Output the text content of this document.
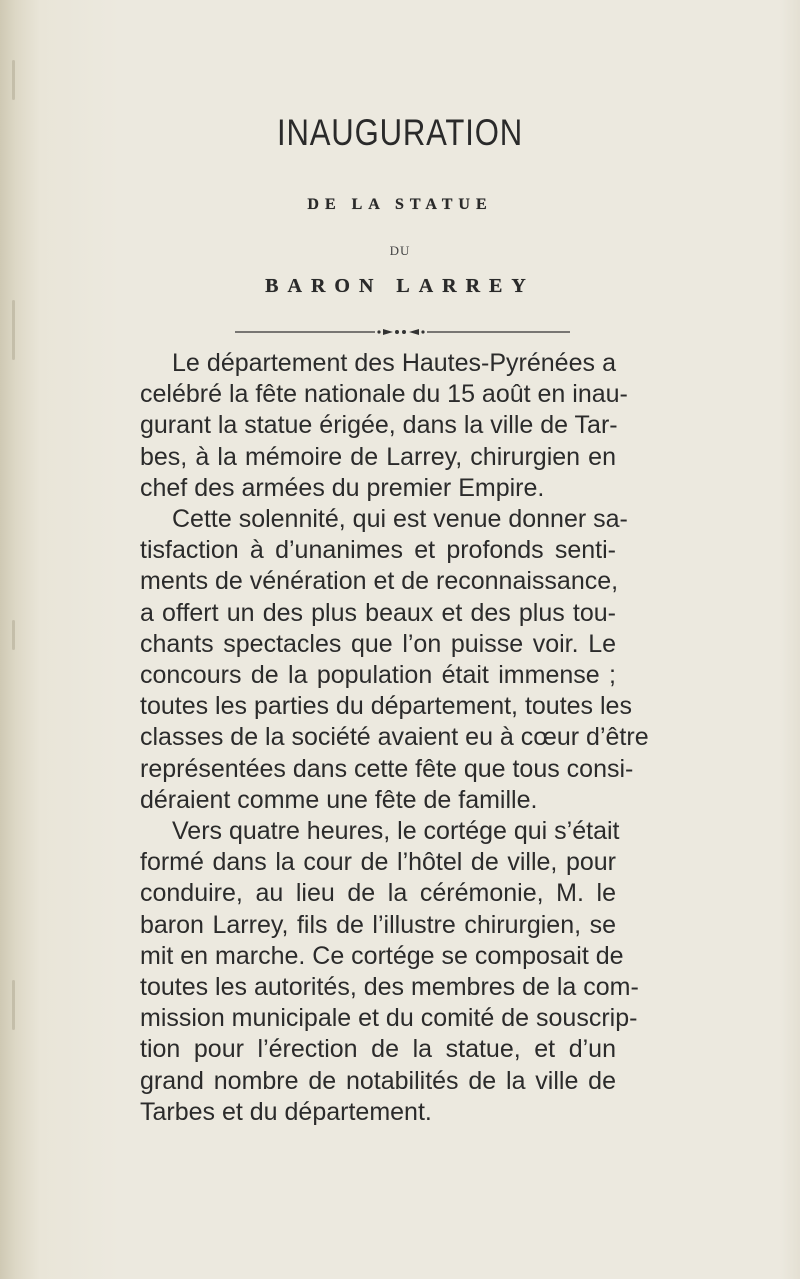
INAUGURATION
DE LA STATUE
DU
BARON LARREY
Le département des Hautes-Pyrénées a
celébré la fête nationale du 15 août en inau-
gurant la statue érigée, dans la ville de Tar-
bes, à la mémoire de Larrey, chirurgien en
chef des armées du premier Empire.
Cette solennité, qui est venue donner sa-
tisfaction à d’unanimes et profonds senti-
ments de vénération et de reconnaissance,
a offert un des plus beaux et des plus tou-
chants spectacles que l’on puisse voir. Le
concours de la population était immense ;
toutes les parties du département, toutes les
classes de la société avaient eu à cœur d’être
représentées dans cette fête que tous consi-
déraient comme une fête de famille.
Vers quatre heures, le cortége qui s’était
formé dans la cour de l’hôtel de ville, pour
conduire, au lieu de la cérémonie, M. le
baron Larrey, fils de l’illustre chirurgien, se
mit en marche. Ce cortége se composait de
toutes les autorités, des membres de la com-
mission municipale et du comité de souscrip-
tion pour l’érection de la statue, et d’un
grand nombre de notabilités de la ville de
Tarbes et du département.
